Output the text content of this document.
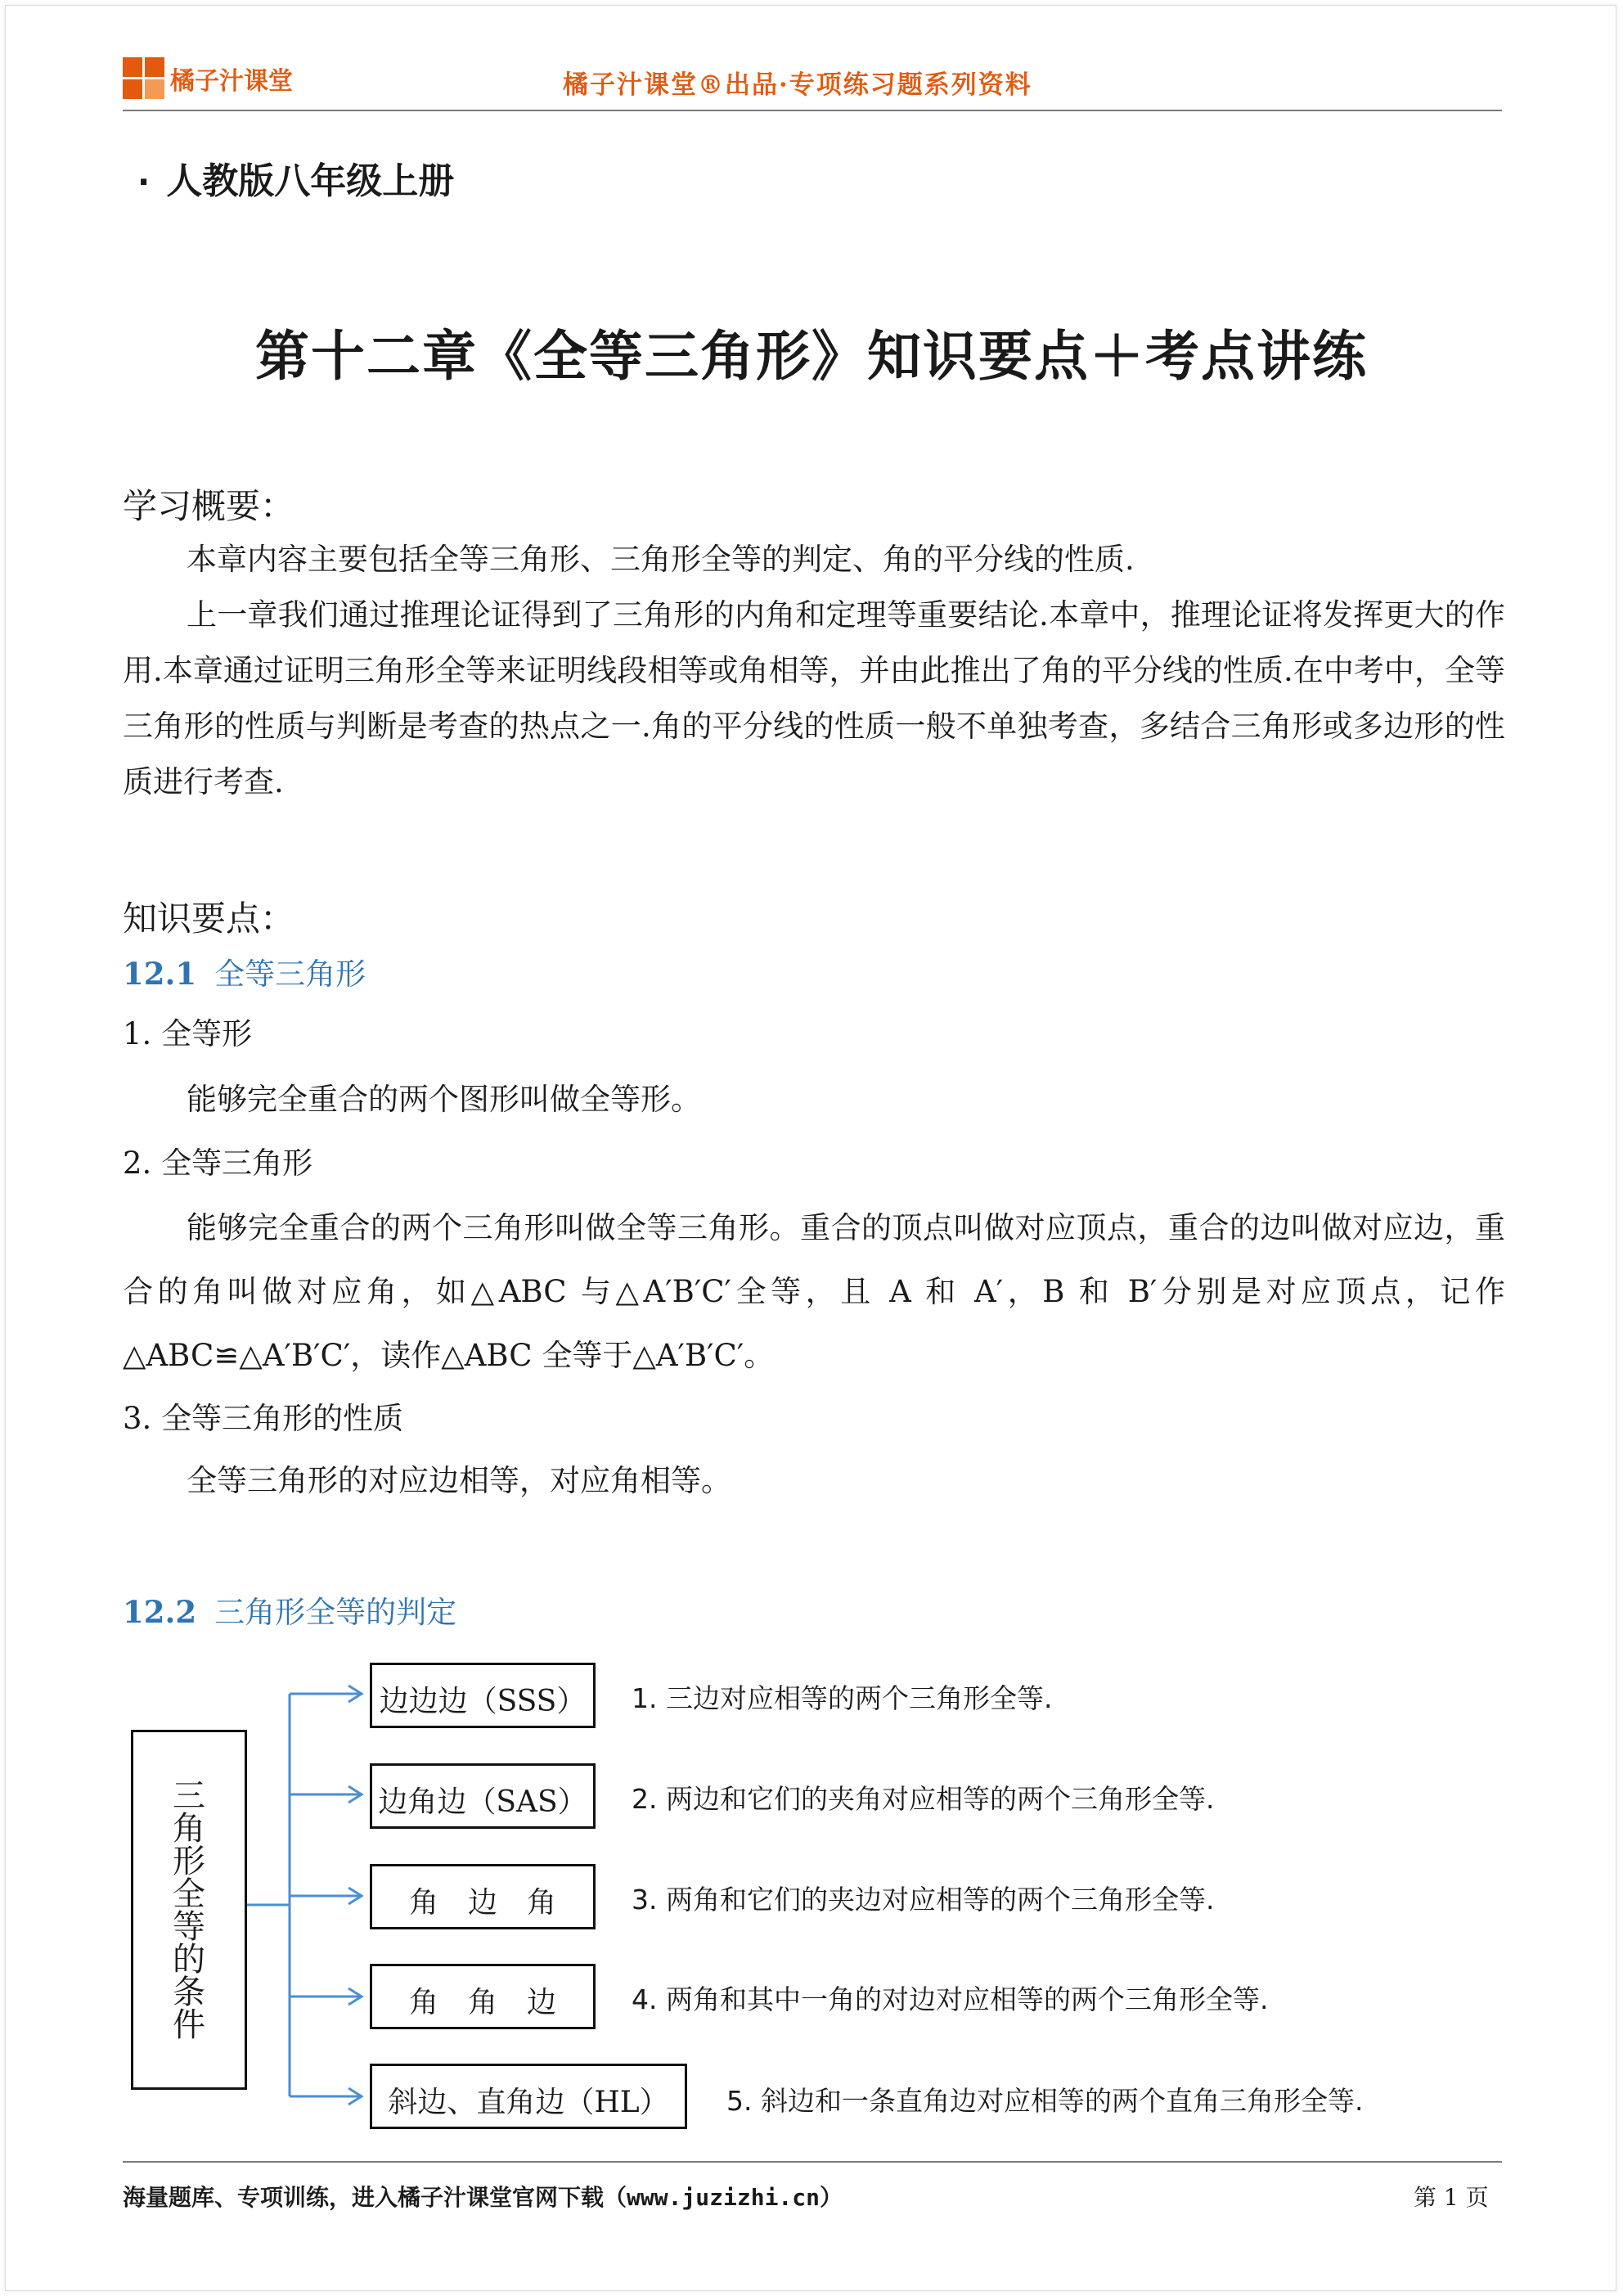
橘子汁课堂	橘子汁课堂®出品·专项练习题系列资料
· 人教版八年级上册
第十二章《全等三角形》知识要点＋考点讲练
学习概要：
本章内容主要包括全等三角形、三角形全等的判定、角的平分线的性质.
上一章我们通过推理论证得到了三角形的内角和定理等重要结论.本章中，推理论证将发挥更大的作用.本章通过证明三角形全等来证明线段相等或角相等，并由此推出了角的平分线的性质.在中考中，全等三角形的性质与判断是考查的热点之一.角的平分线的性质一般不单独考查，多结合三角形或多边形的性质进行考查.
知识要点：
12.1 全等三角形
1. 全等形
能够完全重合的两个图形叫做全等形。
2. 全等三角形
能够完全重合的两个三角形叫做全等三角形。重合的顶点叫做对应顶点，重合的边叫做对应边，重合的角叫做对应角，如△ABC 与△A′B′C′全等，且 A 和 A′，B 和 B′分别是对应顶点，记作△ABC≌△A′B′C′，读作△ABC 全等于△A′B′C′。
3. 全等三角形的性质
全等三角形的对应边相等，对应角相等。
12.2 三角形全等的判定
三角形全等的条件
边边边（SSS） 1. 三边对应相等的两个三角形全等.
边角边（SAS） 2. 两边和它们的夹角对应相等的两个三角形全等.
角　边　角	3. 两角和它们的夹边对应相等的两个三角形全等.
角　角　边	4. 两角和其中一角的对边对应相等的两个三角形全等.
斜边、直角边（HL）	5. 斜边和一条直角边对应相等的两个直角三角形全等.
海量题库、专项训练，进入橘子汁课堂官网下载（www.juzizhi.cn）	第 1 页
